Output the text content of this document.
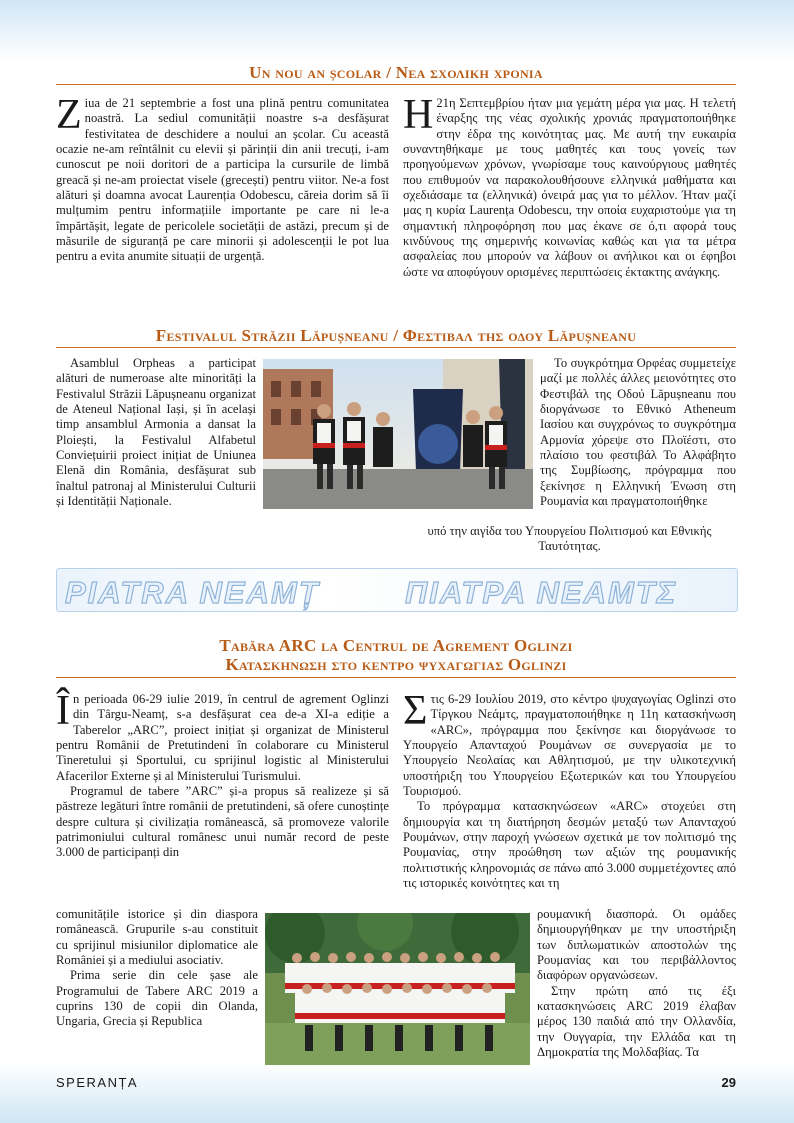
Un nou an școlar / Νεα σχολικη χρονια

Ziua de 21 septembrie a fost una plină pentru comunitatea noastră. La sediul comunității noastre s-a desfășurat festivitatea de deschidere a noului an școlar. Cu această ocazie ne-am reîntâlnit cu elevii și părinții din anii trecuți, i-am cunoscut pe noii doritori de a participa la cursurile de limbă greacă și ne-am proiectat visele (grecești) pentru viitor. Ne-a fost alături și doamna avocat Laurenția Odobescu, căreia dorim să îi mulțumim pentru informațiile importante pe care ni le-a împărtășit, legate de pericolele societății de astăzi, precum și de măsurile de siguranță pe care minorii și adolescenții le pot lua pentru a evita anumite situații de urgență.

Η 21η Σεπτεμβρίου ήταν μια γεμάτη μέρα για μας. Η τελετή έναρξης της νέας σχολικής χρονιάς πραγματοποιήθηκε στην έδρα της κοινότητας μας. Με αυτή την ευκαιρία συναντηθήκαμε με τους μαθητές και τους γονείς των προηγούμενων χρόνων, γνωρίσαμε τους καινούργιους μαθητές που επιθυμούν να παρακολουθήσουνε ελληνικά μαθήματα και σχεδιάσαμε τα (ελληνικά) όνειρά μας για το μέλλον. Ήταν μαζί μας η κυρία Laurența Odobescu, την οποία ευχαριστούμε για τη σημαντική πληροφόρηση που μας έκανε σε ό,τι αφορά τους κινδύνους της σημερινής κοινωνίας καθώς και για τα μέτρα ασφαλείας που μπορούν να λάβουν οι ανήλικοι και οι έφηβοι ώστε να αποφύγουν ορισμένες περιπτώσεις έκτακτης ανάγκης.

Festivalul Străzii Lăpușneanu / Φεστιβαλ της οδου Lăpușneanu

Asamblul Orpheas a participat alături de numeroase alte minorități la Festivalul Străzii Lăpușneanu organizat de Ateneul Național Iași, și în același timp ansamblul Armonia a dansat la Ploiești, la Festivalul Alfabetul Conviețuirii proiect inițiat de Uniunea Elenă din România, desfășurat sub înaltul patronaj al Ministerului Culturii și Identității Naționale.

Το συγκρότημα Ορφέας συμμετείχε μαζί με πολλές άλλες μειονότητες στο Φεστιβάλ της Οδού Lăpușneanu που διοργάνωσε το Εθνικό Atheneum Ιασίου και συγχρόνως το συγκρότημα Αρμονία χόρεψε στο Πλοϊέστι, στο πλαίσιο του φεστιβάλ Το Αλφάβητο της Συμβίωσης, πρόγραμμα που ξεκίνησε η Ελληνική Ένωση στη Ρουμανία και πραγματοποιήθηκε

υπό την αιγίδα του Υπουργείου Πολιτισμού και Εθνικής Ταυτότητας.

PIATRA NEAMȚ	ΠΙΑΤΡΑ ΝΕΑΜΤΣ
Tabăra ARC la Centrul de Agrement Oglinzi
Κατασκηνωση στο κεντρο ψυχαγωγιας Oglinzi

În perioada 06-29 iulie 2019, în centrul de agrement Oglinzi din Târgu-Neamț, s-a desfășurat cea de-a XI-a ediție a Taberelor „ARC”, proiect inițiat și organizat de Ministerul pentru Românii de Pretutindeni în colaborare cu Ministerul Tineretului și Sportului, cu sprijinul logistic al Ministerului Afacerilor Externe și al Ministerului Turismului.

Programul de tabere ”ARC” și-a propus să realizeze și să păstreze legături între românii de pretutindeni, să ofere cunoștințe despre cultura și civilizația românească, să promoveze valorile patrimoniului cultural românesc unui număr record de peste 3.000 de participanți din

comunitățile istorice și din diaspora românească. Grupurile s-au constituit cu sprijinul misiunilor diplomatice ale României și a mediului asociativ.

Prima serie din cele șase ale Programului de Tabere ARC 2019 a cuprins 130 de copii din Olanda, Ungaria, Grecia și Republica

Στις 6-29 Ιουλίου 2019, στο κέντρο ψυχαγωγίας Oglinzi στο Τίργκου Νεάμτς, πραγματοποιήθηκε η 11η κατασκήνωση «ARC», πρόγραμμα που ξεκίνησε και διοργάνωσε το Υπουργείο Απανταχού Ρουμάνων σε συνεργασία με το Υπουργείο Νεολαίας και Αθλητισμού, με την υλικοτεχνική υποστήριξη του Υπουργείου Εξωτερικών και του Υπουργείου Τουρισμού.

Το πρόγραμμα κατασκηνώσεων «ARC» στοχεύει στη δημιουργία και τη διατήρηση δεσμών μεταξύ των Απανταχού Ρουμάνων, στην παροχή γνώσεων σχετικά με τον πολιτισμό της Ρουμανίας, στην προώθηση των αξιών της ρουμανικής πολιτιστικής κληρονομιάς σε πάνω από 3.000 συμμετέχοντες από τις ιστορικές κοινότητες και τη

ρουμανική διασπορά. Οι ομάδες δημιουργήθηκαν με την υποστήριξη των διπλωματικών αποστολών της Ρουμανίας και του περιβάλλοντος διαφόρων οργανώσεων.

Στην πρώτη από τις έξι κατασκηνώσεις ARC 2019 έλαβαν μέρος 130 παιδιά από την Ολλανδία, την Ουγγαρία, την Ελλάδα και τη Δημοκρατία της Μολδαβίας. Τα

SPERANȚA	29
